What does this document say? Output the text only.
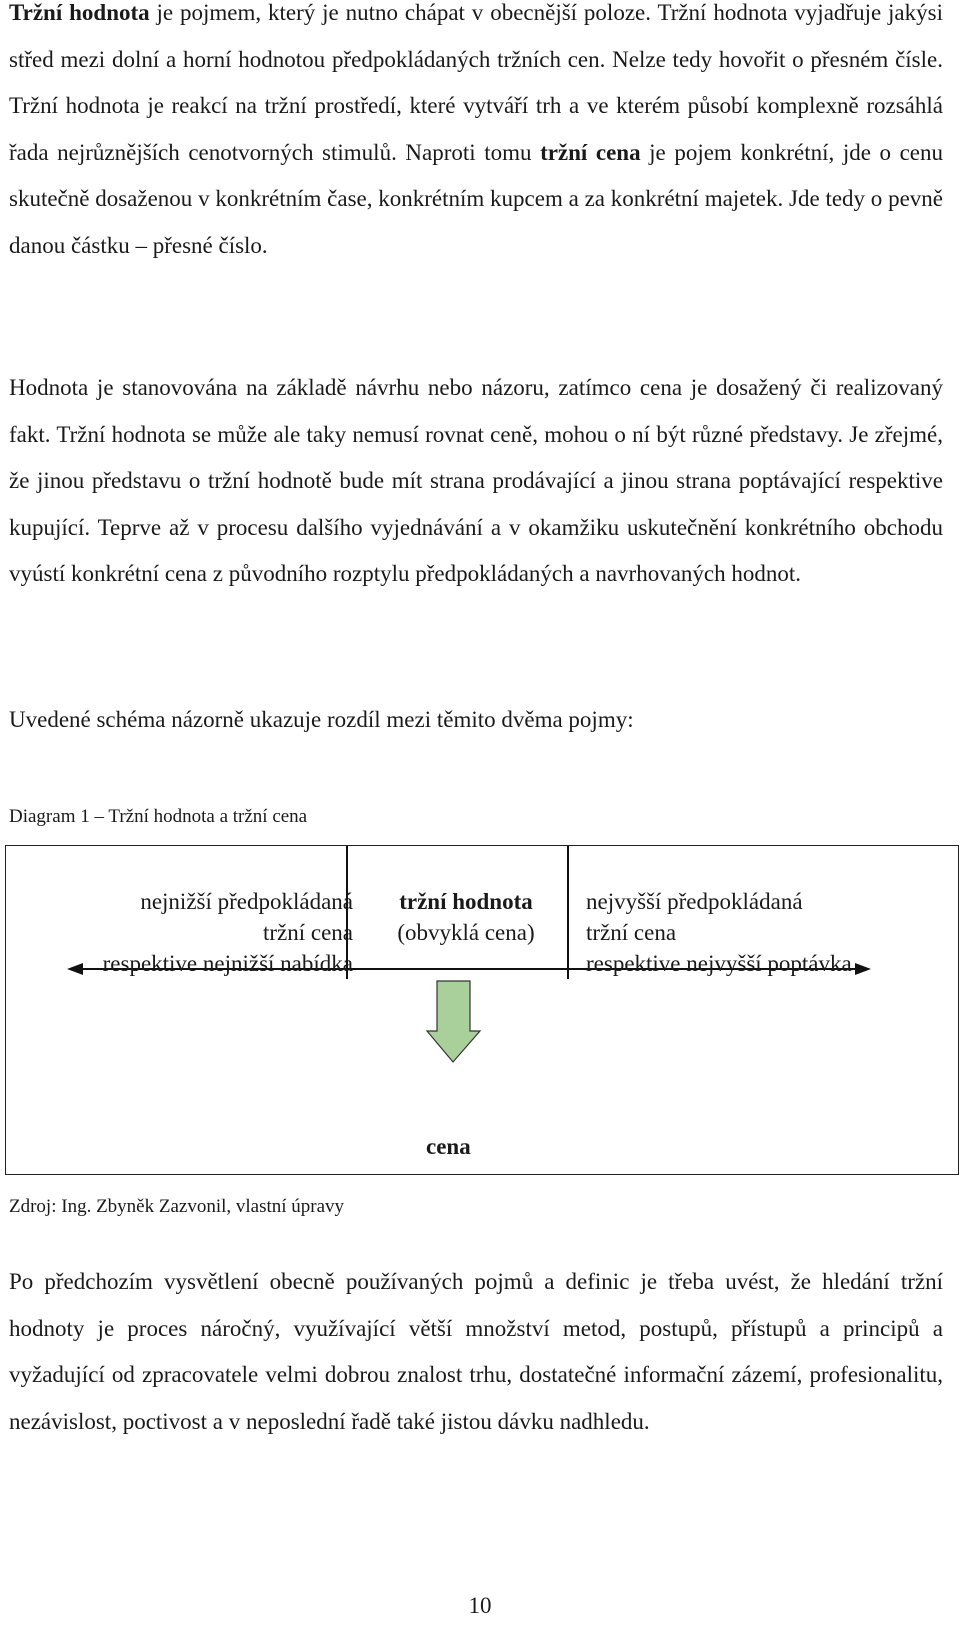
Tržní hodnota je pojmem, který je nutno chápat v obecnější poloze. Tržní hodnota vyjadřuje jakýsi střed mezi dolní a horní hodnotou předpokládaných tržních cen. Nelze tedy hovořit o přesném čísle. Tržní hodnota je reakcí na tržní prostředí, které vytváří trh a ve kterém působí komplexně rozsáhlá řada nejrůznějších cenotvorných stimulů. Naproti tomu tržní cena je pojem konkrétní, jde o cenu skutečně dosaženou v konkrétním čase, konkrétním kupcem a za konkrétní majetek. Jde tedy o pevně danou částku – přesné číslo.

Hodnota je stanovována na základě návrhu nebo názoru, zatímco cena je dosažený či realizovaný fakt. Tržní hodnota se může ale taky nemusí rovnat ceně, mohou o ní být různé představy. Je zřejmé, že jinou představu o tržní hodnotě bude mít strana prodávající a jinou strana poptávající respektive kupující. Teprve až v procesu dalšího vyjednávání a v okamžiku uskutečnění konkrétního obchodu vyústí konkrétní cena z původního rozptylu předpokládaných a navrhovaných hodnot.

Uvedené schéma názorně ukazuje rozdíl mezi těmito dvěma pojmy:

Diagram 1 – Tržní hodnota a tržní cena

nejnižší předpokládaná
tržní cena
respektive nejnižší nabídka
tržní hodnota
(obvyklá cena)
nejvyšší předpokládaná
tržní cena
respektive nejvyšší poptávka
cena

Zdroj: Ing. Zbyněk Zazvonil, vlastní úpravy

Po předchozím vysvětlení obecně používaných pojmů a definic je třeba uvést, že hledání tržní hodnoty je proces náročný, využívající větší množství metod, postupů, přístupů a principů a vyžadující od zpracovatele velmi dobrou znalost trhu, dostatečné informační zázemí, profesionalitu, nezávislost, poctivost a v neposlední řadě také jistou dávku nadhledu.

10
